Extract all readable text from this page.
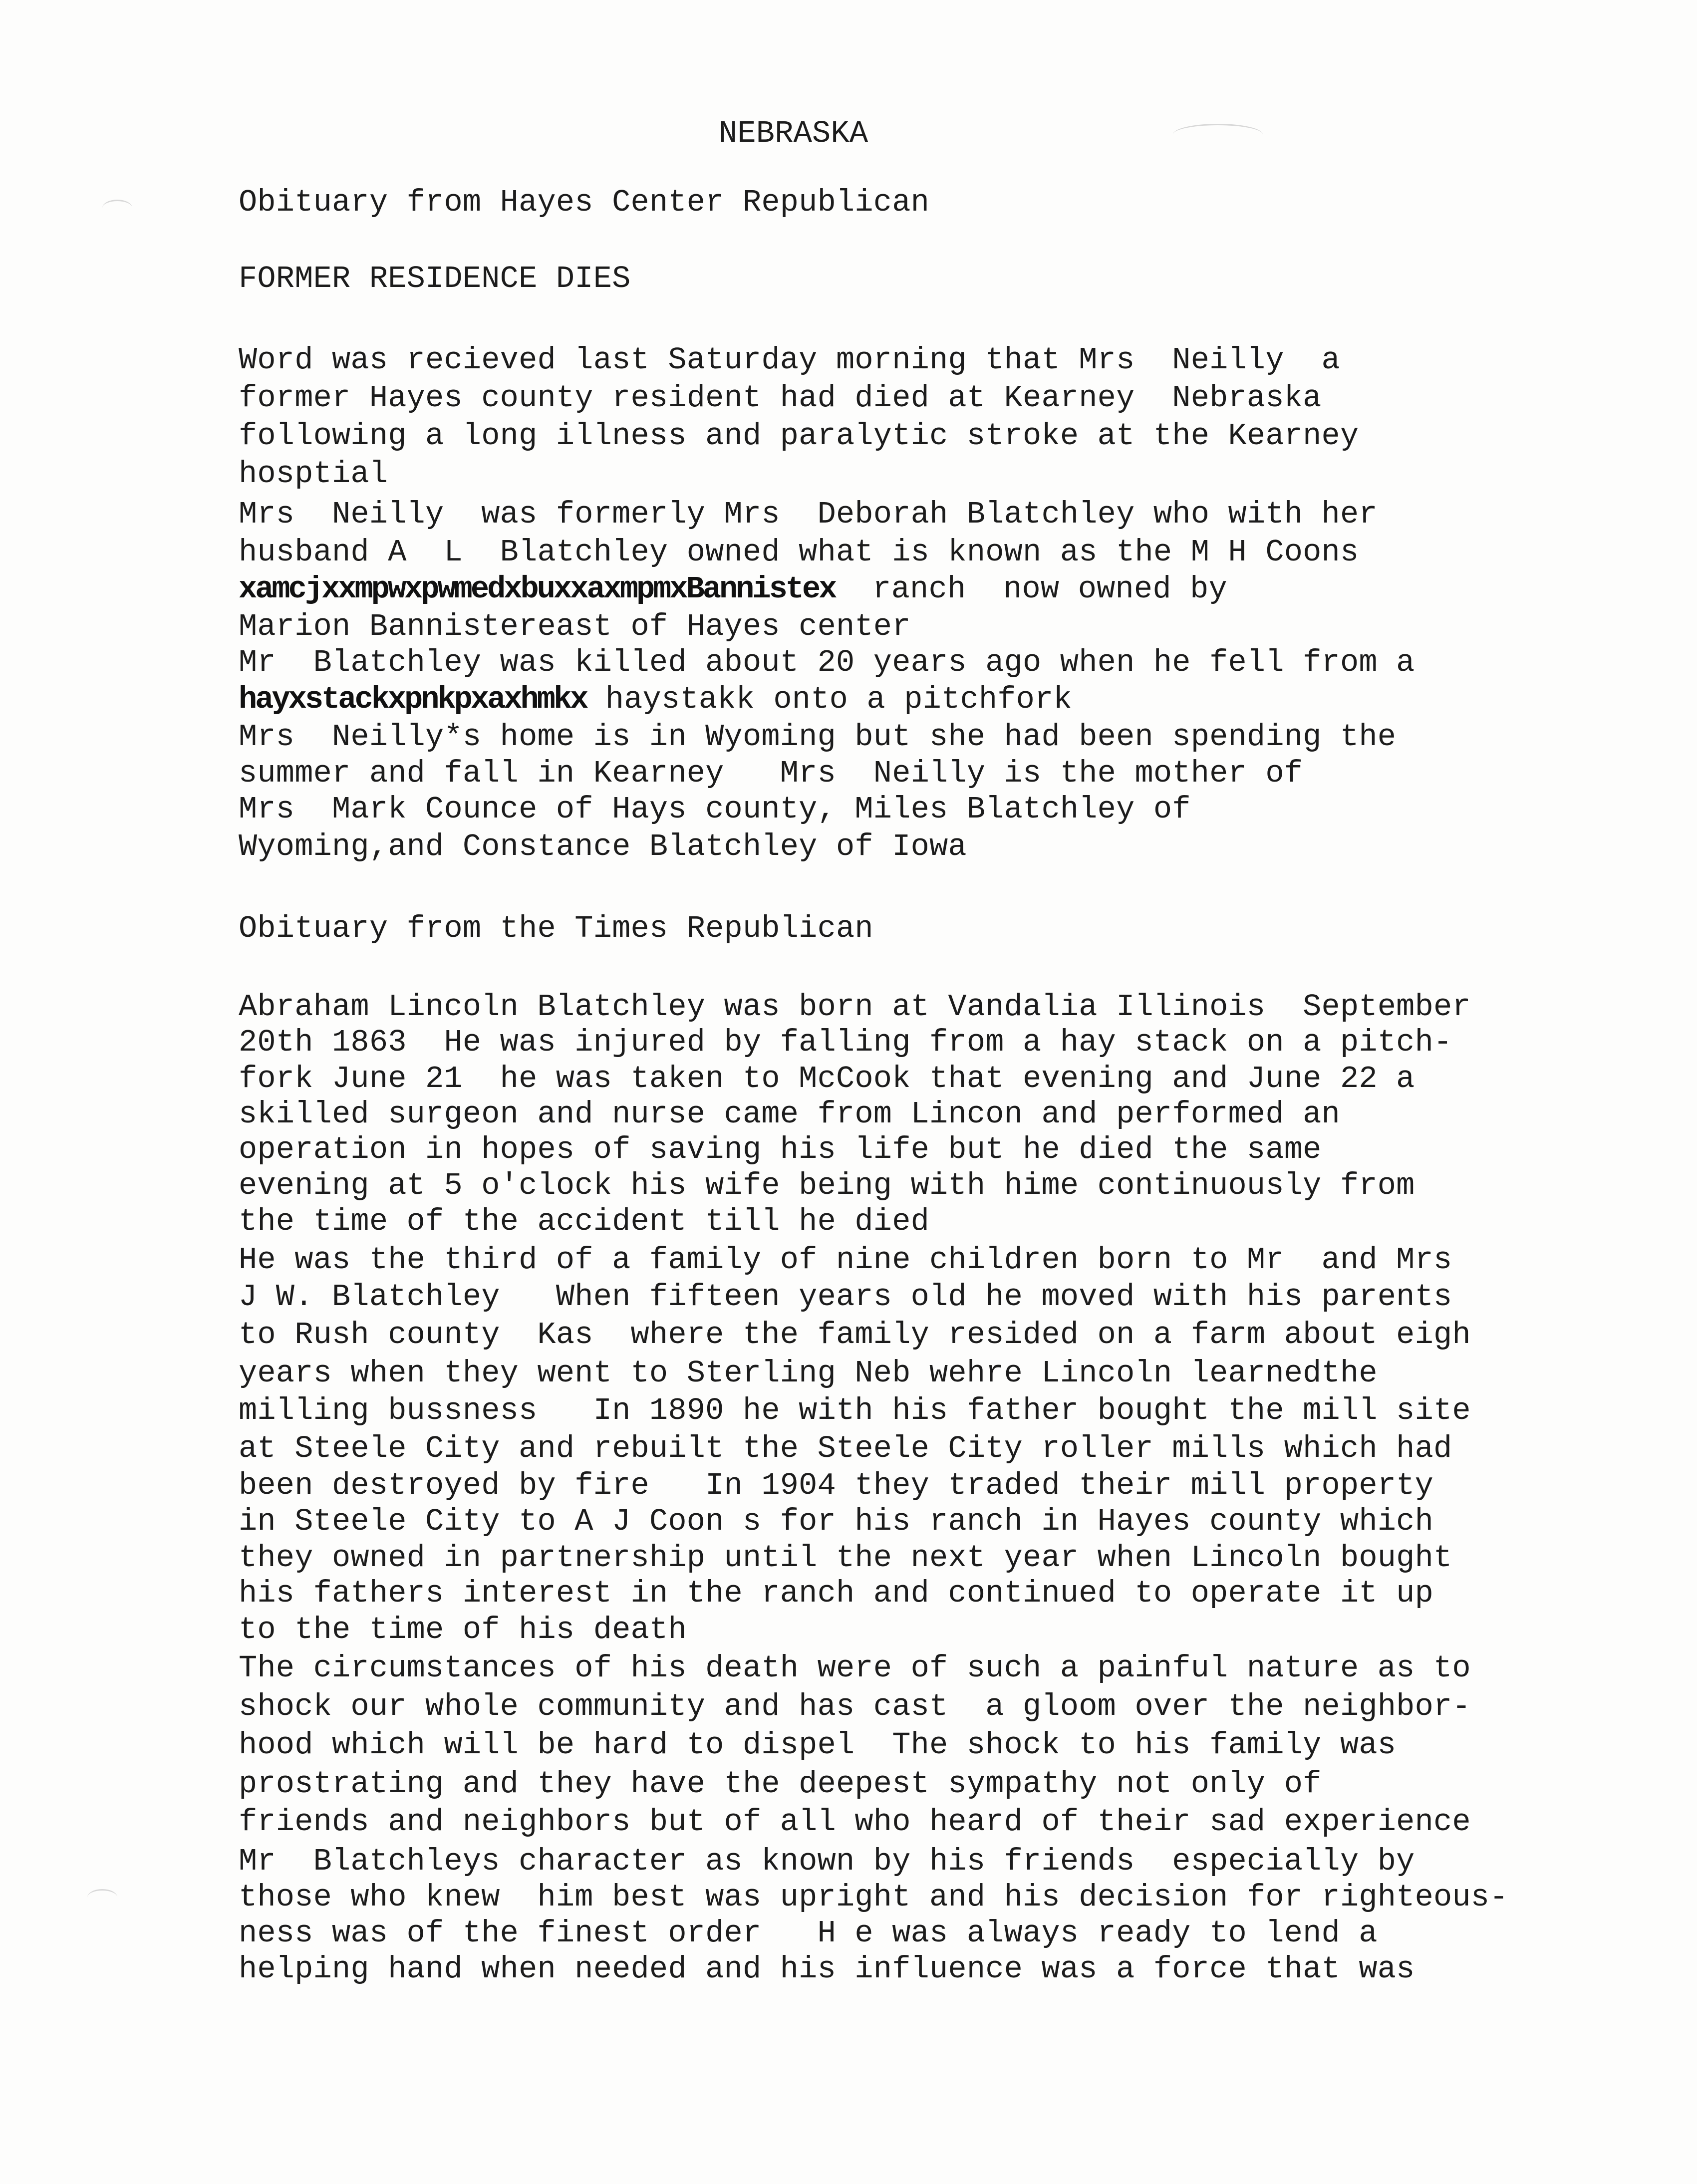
NEBRASKA
Obituary from Hayes Center Republican
FORMER RESIDENCE DIES
Word was recieved last Saturday morning that Mrs  Neilly  a
former Hayes county resident had died at Kearney  Nebraska
following a long illness and paralytic stroke at the Kearney
hosptial
Mrs  Neilly  was formerly Mrs  Deborah Blatchley who with her
husband A  L  Blatchley owned what is known as the M H Coons
xamcjxxmpwxpwmedxbuxxaxmpmxBannistex  ranch  now owned by
Marion Bannistereast of Hayes center
Mr  Blatchley was killed about 20 years ago when he fell from a
hayxstackxpnkpxaxhmkx haystakk onto a pitchfork
Mrs  Neilly*s home is in Wyoming but she had been spending the
summer and fall in Kearney   Mrs  Neilly is the mother of
Mrs  Mark Counce of Hays county, Miles Blatchley of
Wyoming,and Constance Blatchley of Iowa
Obituary from the Times Republican
Abraham Lincoln Blatchley was born at Vandalia Illinois  September
20th 1863  He was injured by falling from a hay stack on a pitch-
fork June 21  he was taken to McCook that evening and June 22 a
skilled surgeon and nurse came from Lincon and performed an
operation in hopes of saving his life but he died the same
evening at 5 o'clock his wife being with hime continuously from
the time of the accident till he died
He was the third of a family of nine children born to Mr  and Mrs
J W. Blatchley   When fifteen years old he moved with his parents
to Rush county  Kas  where the family resided on a farm about eigh
years when they went to Sterling Neb wehre Lincoln learnedthe
milling bussness   In 1890 he with his father bought the mill site
at Steele City and rebuilt the Steele City roller mills which had
been destroyed by fire   In 1904 they traded their mill property
in Steele City to A J Coon s for his ranch in Hayes county which
they owned in partnership until the next year when Lincoln bought
his fathers interest in the ranch and continued to operate it up
to the time of his death
The circumstances of his death were of such a painful nature as to
shock our whole community and has cast  a gloom over the neighbor-
hood which will be hard to dispel  The shock to his family was
prostrating and they have the deepest sympathy not only of
friends and neighbors but of all who heard of their sad experience
Mr  Blatchleys character as known by his friends  especially by
those who knew  him best was upright and his decision for righteous-
ness was of the finest order   H e was always ready to lend a
helping hand when needed and his influence was a force that was
